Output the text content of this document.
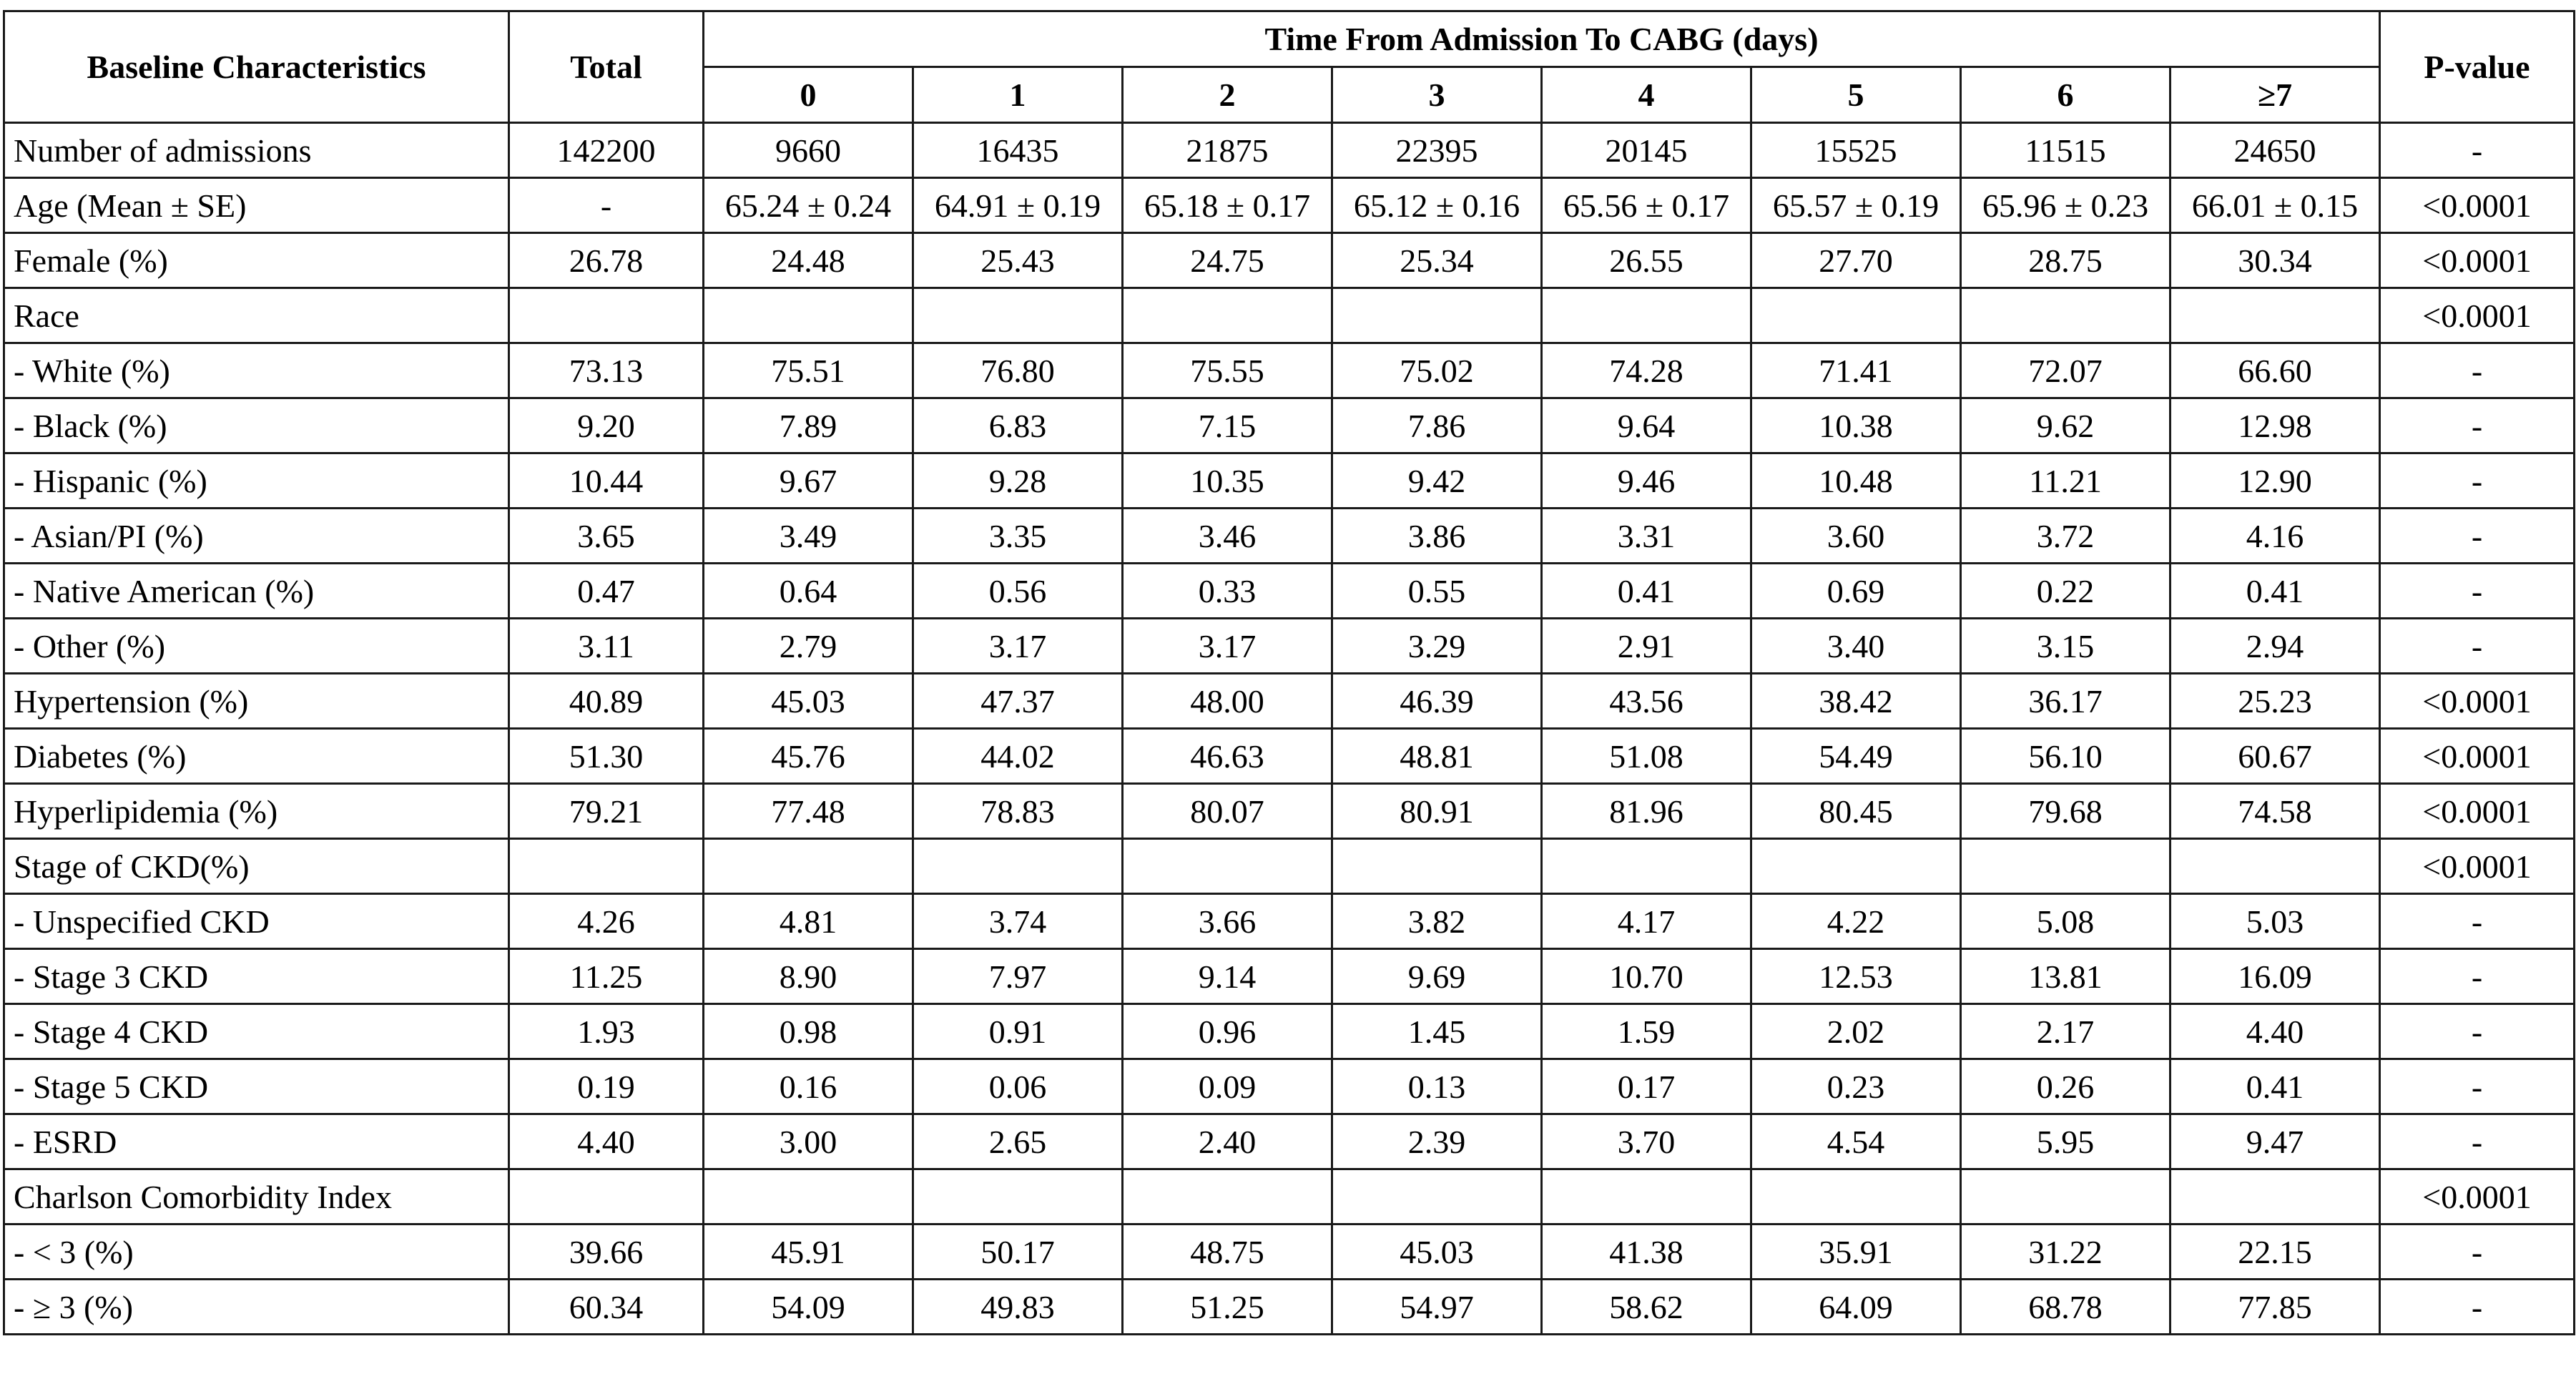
Baseline Characteristics	Total	Time From Admission To CABG (days)								P-value
		0	1	2	3	4	5	6	≥7	
Number of admissions	142200	9660	16435	21875	22395	20145	15525	11515	24650	-
Age (Mean ± SE)	-	65.24 ± 0.24	64.91 ± 0.19	65.18 ± 0.17	65.12 ± 0.16	65.56 ± 0.17	65.57 ± 0.19	65.96 ± 0.23	66.01 ± 0.15	<0.0001
Female (%)	26.78	24.48	25.43	24.75	25.34	26.55	27.70	28.75	30.34	<0.0001
Race										<0.0001
- White (%)	73.13	75.51	76.80	75.55	75.02	74.28	71.41	72.07	66.60	-
- Black (%)	9.20	7.89	6.83	7.15	7.86	9.64	10.38	9.62	12.98	-
- Hispanic (%)	10.44	9.67	9.28	10.35	9.42	9.46	10.48	11.21	12.90	-
- Asian/PI (%)	3.65	3.49	3.35	3.46	3.86	3.31	3.60	3.72	4.16	-
- Native American (%)	0.47	0.64	0.56	0.33	0.55	0.41	0.69	0.22	0.41	-
- Other (%)	3.11	2.79	3.17	3.17	3.29	2.91	3.40	3.15	2.94	-
Hypertension (%)	40.89	45.03	47.37	48.00	46.39	43.56	38.42	36.17	25.23	<0.0001
Diabetes (%)	51.30	45.76	44.02	46.63	48.81	51.08	54.49	56.10	60.67	<0.0001
Hyperlipidemia (%)	79.21	77.48	78.83	80.07	80.91	81.96	80.45	79.68	74.58	<0.0001
Stage of CKD(%)										<0.0001
- Unspecified CKD	4.26	4.81	3.74	3.66	3.82	4.17	4.22	5.08	5.03	-
- Stage 3 CKD	11.25	8.90	7.97	9.14	9.69	10.70	12.53	13.81	16.09	-
- Stage 4 CKD	1.93	0.98	0.91	0.96	1.45	1.59	2.02	2.17	4.40	-
- Stage 5 CKD	0.19	0.16	0.06	0.09	0.13	0.17	0.23	0.26	0.41	-
- ESRD	4.40	3.00	2.65	2.40	2.39	3.70	4.54	5.95	9.47	-
Charlson Comorbidity Index										<0.0001
- < 3 (%)	39.66	45.91	50.17	48.75	45.03	41.38	35.91	31.22	22.15	-
- ≥ 3 (%)	60.34	54.09	49.83	51.25	54.97	58.62	64.09	68.78	77.85	-
